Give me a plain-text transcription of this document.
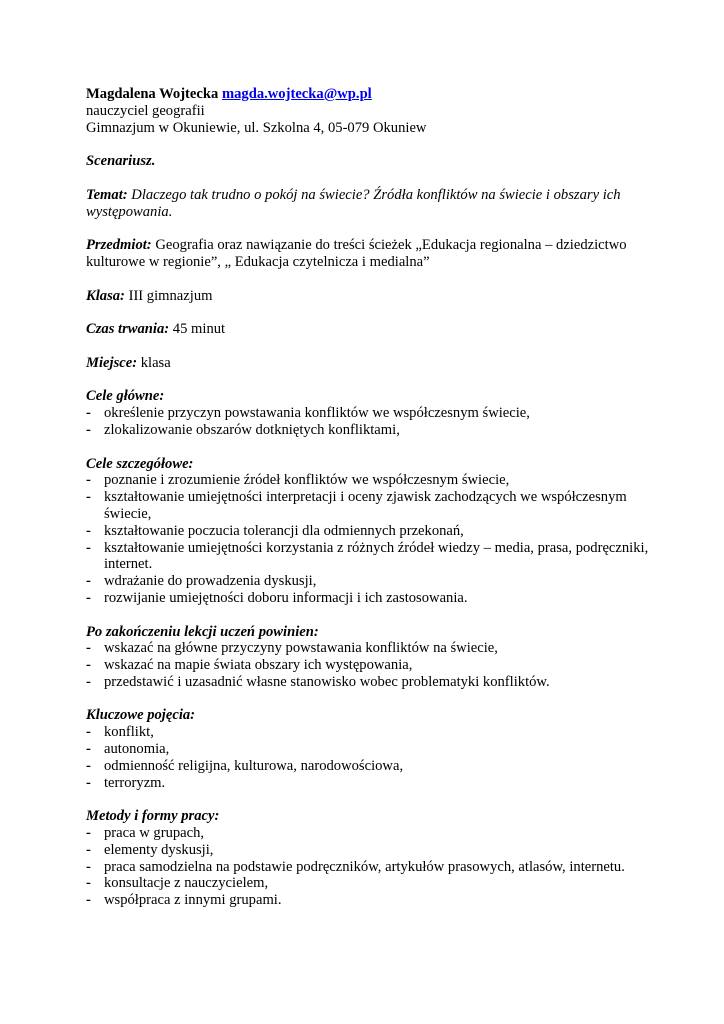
Magdalena Wojtecka magda.wojtecka@wp.pl
nauczyciel geografii
Gimnazjum w Okuniewie, ul. Szkolna 4, 05-079 Okuniew
Scenariusz.
Temat: Dlaczego tak trudno o pokój na świecie? Źródła konfliktów na świecie i obszary ich występowania.
Przedmiot: Geografia oraz nawiązanie do treści ścieżek „Edukacja regionalna – dziedzictwo kulturowe w regionie”, „ Edukacja czytelnicza i medialna”
Klasa: III gimnazjum
Czas trwania: 45 minut
Miejsce: klasa
Cele główne:
- określenie przyczyn powstawania konfliktów we współczesnym świecie,
- zlokalizowanie obszarów dotkniętych konfliktami,
Cele szczegółowe:
- poznanie i zrozumienie źródeł konfliktów we współczesnym świecie,
- kształtowanie umiejętności interpretacji i oceny zjawisk zachodzących we współczesnym świecie,
- kształtowanie poczucia tolerancji dla odmiennych przekonań,
- kształtowanie umiejętności korzystania z różnych źródeł wiedzy – media, prasa, podręczniki, internet.
- wdrażanie do prowadzenia dyskusji,
- rozwijanie umiejętności doboru informacji i ich zastosowania.
Po zakończeniu lekcji uczeń powinien:
- wskazać na główne przyczyny powstawania konfliktów na świecie,
- wskazać na mapie świata obszary ich występowania,
- przedstawić i uzasadnić własne stanowisko wobec problematyki konfliktów.
Kluczowe pojęcia:
- konflikt,
- autonomia,
- odmienność religijna, kulturowa, narodowościowa,
- terroryzm.
Metody i formy pracy:
- praca w grupach,
- elementy dyskusji,
- praca samodzielna na podstawie podręczników, artykułów prasowych, atlasów, internetu.
- konsultacje z nauczycielem,
- współpraca z innymi grupami.
